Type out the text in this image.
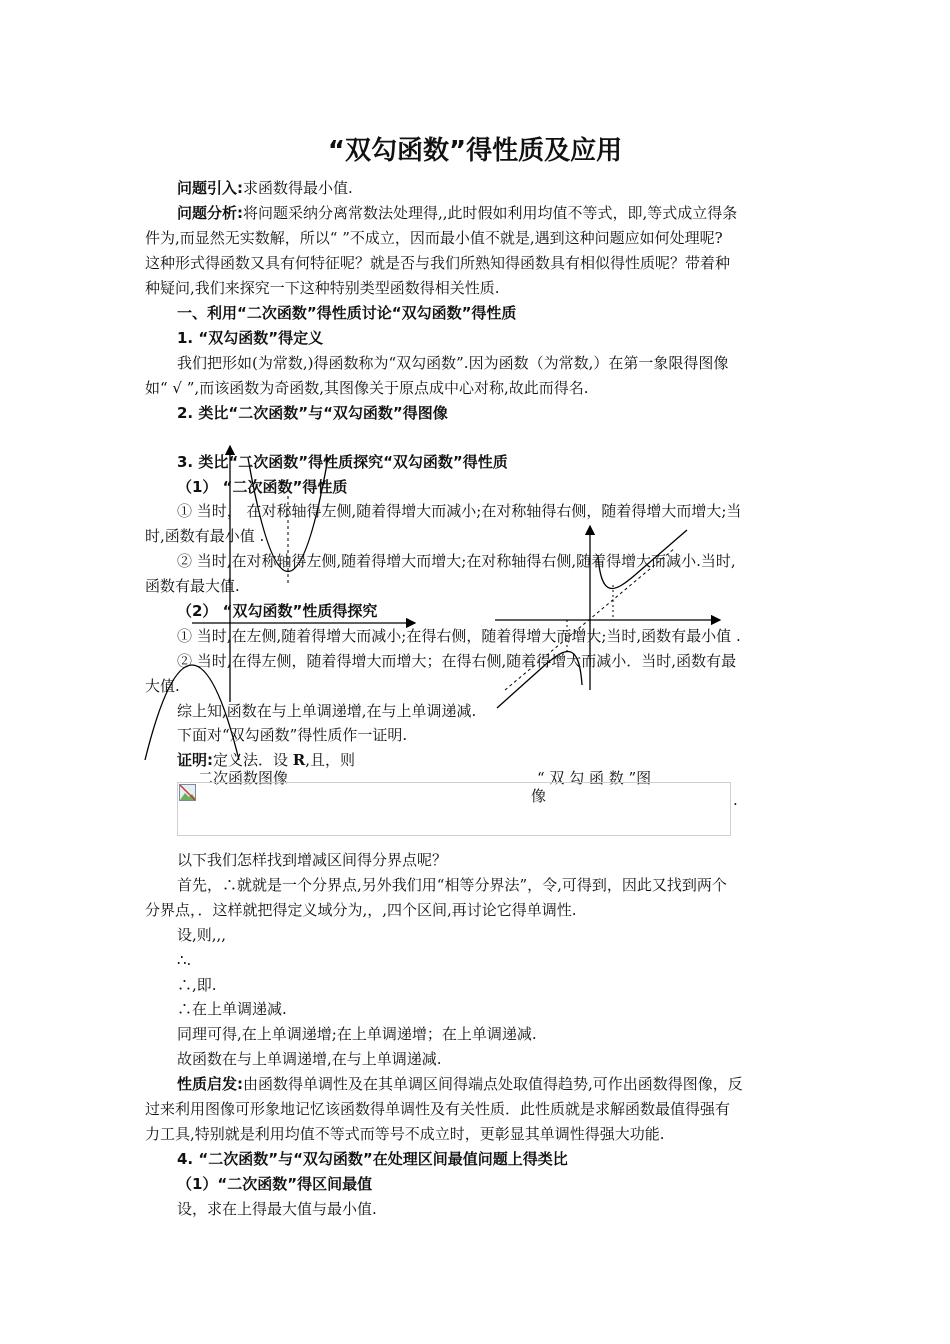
“双勾函数”得性质及应用
问题引入:求函数得最小值.
问题分析:将问题采纳分离常数法处理得,,此时假如利用均值不等式，即,等式成立得条
件为,而显然无实数解，所以“ ”不成立，因而最小值不就是,遇到这种问题应如何处理呢?
这种形式得函数又具有何特征呢？就是否与我们所熟知得函数具有相似得性质呢？带着种
种疑问,我们来探究一下这种特别类型函数得相关性质.
一、利用“二次函数”得性质讨论“双勾函数”得性质
1. “双勾函数”得定义
我们把形如(为常数,)得函数称为“双勾函数”.因为函数（为常数,）在第一象限得图像
如“ √ ”,而该函数为奇函数,其图像关于原点成中心对称,故此而得名.
2. 类比“二次函数”与“双勾函数”得图像
3. 类比“二次函数”得性质探究“双勾函数”得性质
（1） “二次函数”得性质
① 当时， 在对称轴得左侧,随着得增大而减小;在对称轴得右侧，随着得增大而增大;当
时,函数有最小值 .
② 当时,在对称轴得左侧,随着得增大而增大;在对称轴得右侧,随着得增大而减小.当时,
函数有最大值.
（2） “双勾函数”性质得探究
① 当时,在左侧,随着得增大而减小;在得右侧，随着得增大而增大;当时,函数有最小值 .
② 当时,在得左侧，随着得增大而增大；在得右侧,随着得增大而减小．当时,函数有最
大值.
综上知,函数在与上单调递增,在与上单调递减.
下面对“双勾函数”得性质作一证明.
证明:定义法．设 R,且，则
二次函数图像	“ 双 勾 函 数 ”图
像	.
以下我们怎样找到增减区间得分界点呢？
首先，∴就就是一个分界点,另外我们用“相等分界法”，令,可得到，因此又找到两个
分界点，．这样就把得定义域分为,，,四个区间,再讨论它得单调性.
设,则,,,
∴.
∴,即.
∴在上单调递减.
同理可得,在上单调递增;在上单调递增；在上单调递减.
故函数在与上单调递增,在与上单调递减.
性质启发:由函数得单调性及在其单调区间得端点处取值得趋势,可作出函数得图像，反
过来利用图像可形象地记忆该函数得单调性及有关性质．此性质就是求解函数最值得强有
力工具,特别就是利用均值不等式而等号不成立时，更彰显其单调性得强大功能.
4. “二次函数”与“双勾函数”在处理区间最值问题上得类比
（1）“二次函数”得区间最值
设，求在上得最大值与最小值.
